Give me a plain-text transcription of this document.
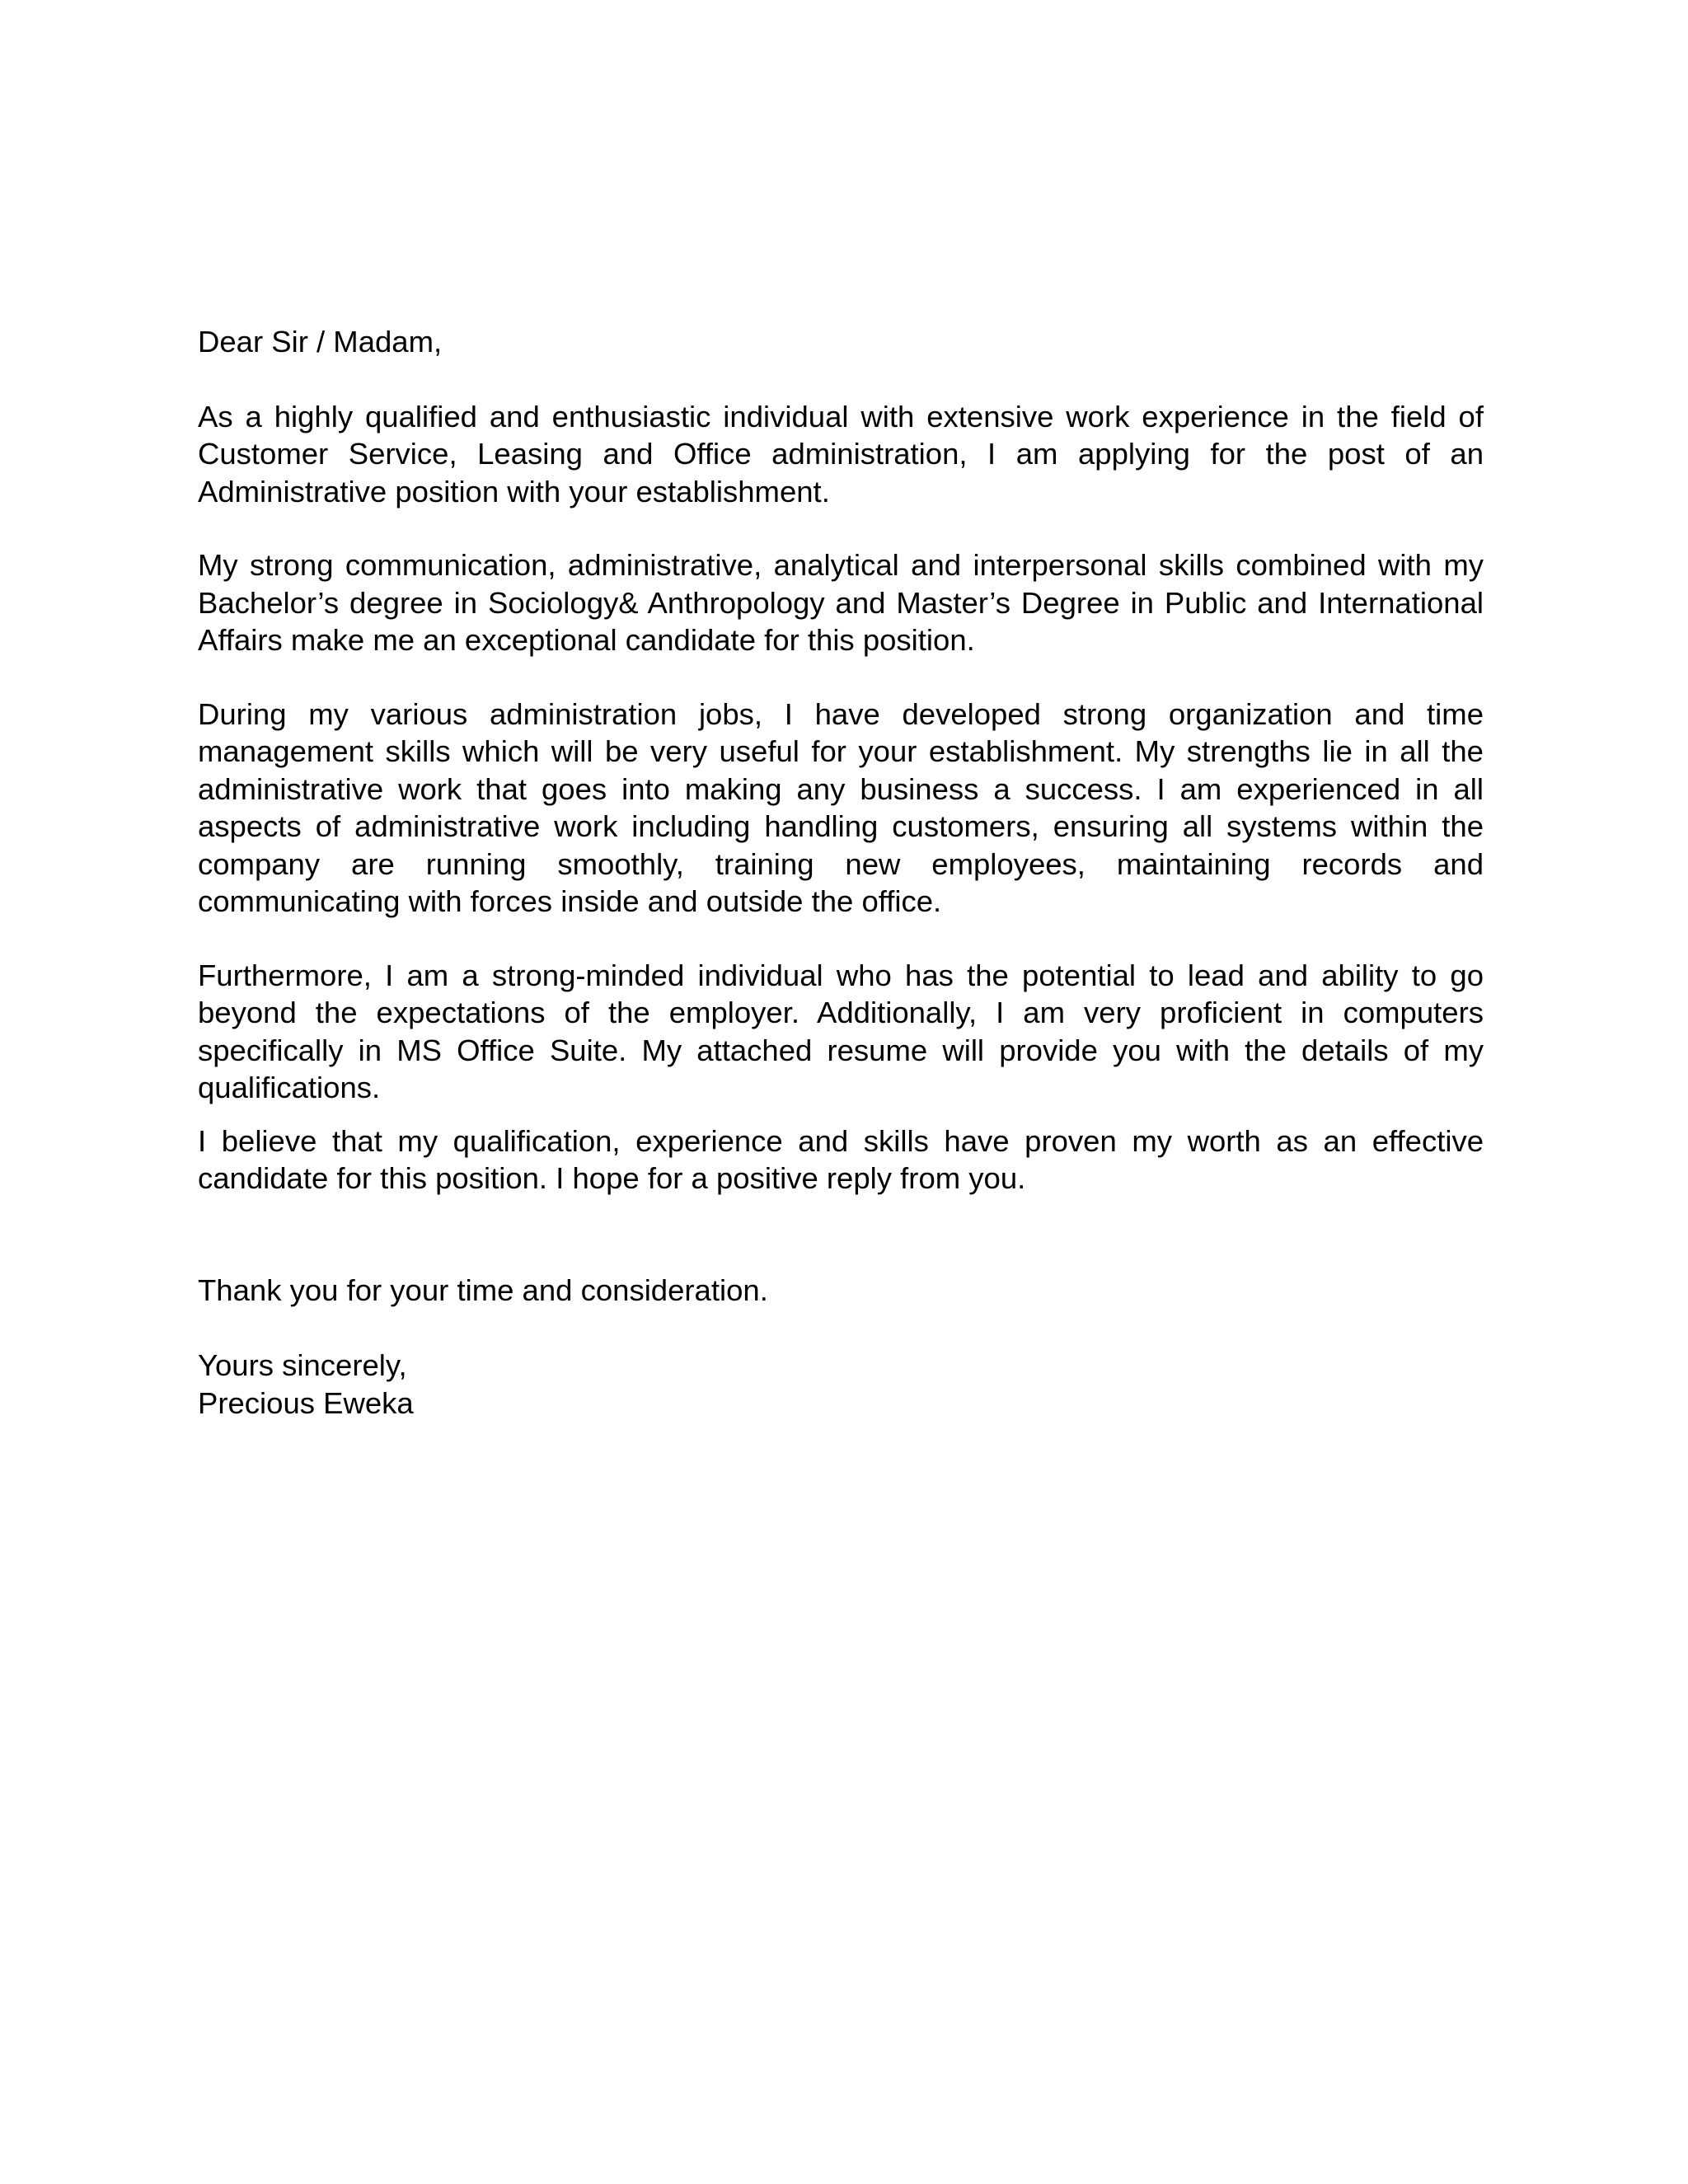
Dear Sir / Madam,

As a highly qualified and enthusiastic individual with extensive work experience in the field of Customer Service, Leasing and Office administration, I am applying for the post of an Administrative position with your establishment.

My strong communication, administrative, analytical and interpersonal skills combined with my Bachelor’s degree in Sociology& Anthropology and Master’s Degree in Public and International Affairs make me an exceptional candidate for this position.

During my various administration jobs, I have developed strong organization and time management skills which will be very useful for your establishment. My strengths lie in all the administrative work that goes into making any business a success. I am experienced in all aspects of administrative work including handling customers, ensuring all systems within the company are running smoothly, training new employees, maintaining records and communicating with forces inside and outside the office.

Furthermore, I am a strong-minded individual who has the potential to lead and ability to go beyond the expectations of the employer. Additionally, I am very proficient in computers specifically in MS Office Suite. My attached resume will provide you with the details of my qualifications.

I believe that my qualification, experience and skills have proven my worth as an effective candidate for this position. I hope for a positive reply from you.

Thank you for your time and consideration.

Yours sincerely,

Precious Eweka
